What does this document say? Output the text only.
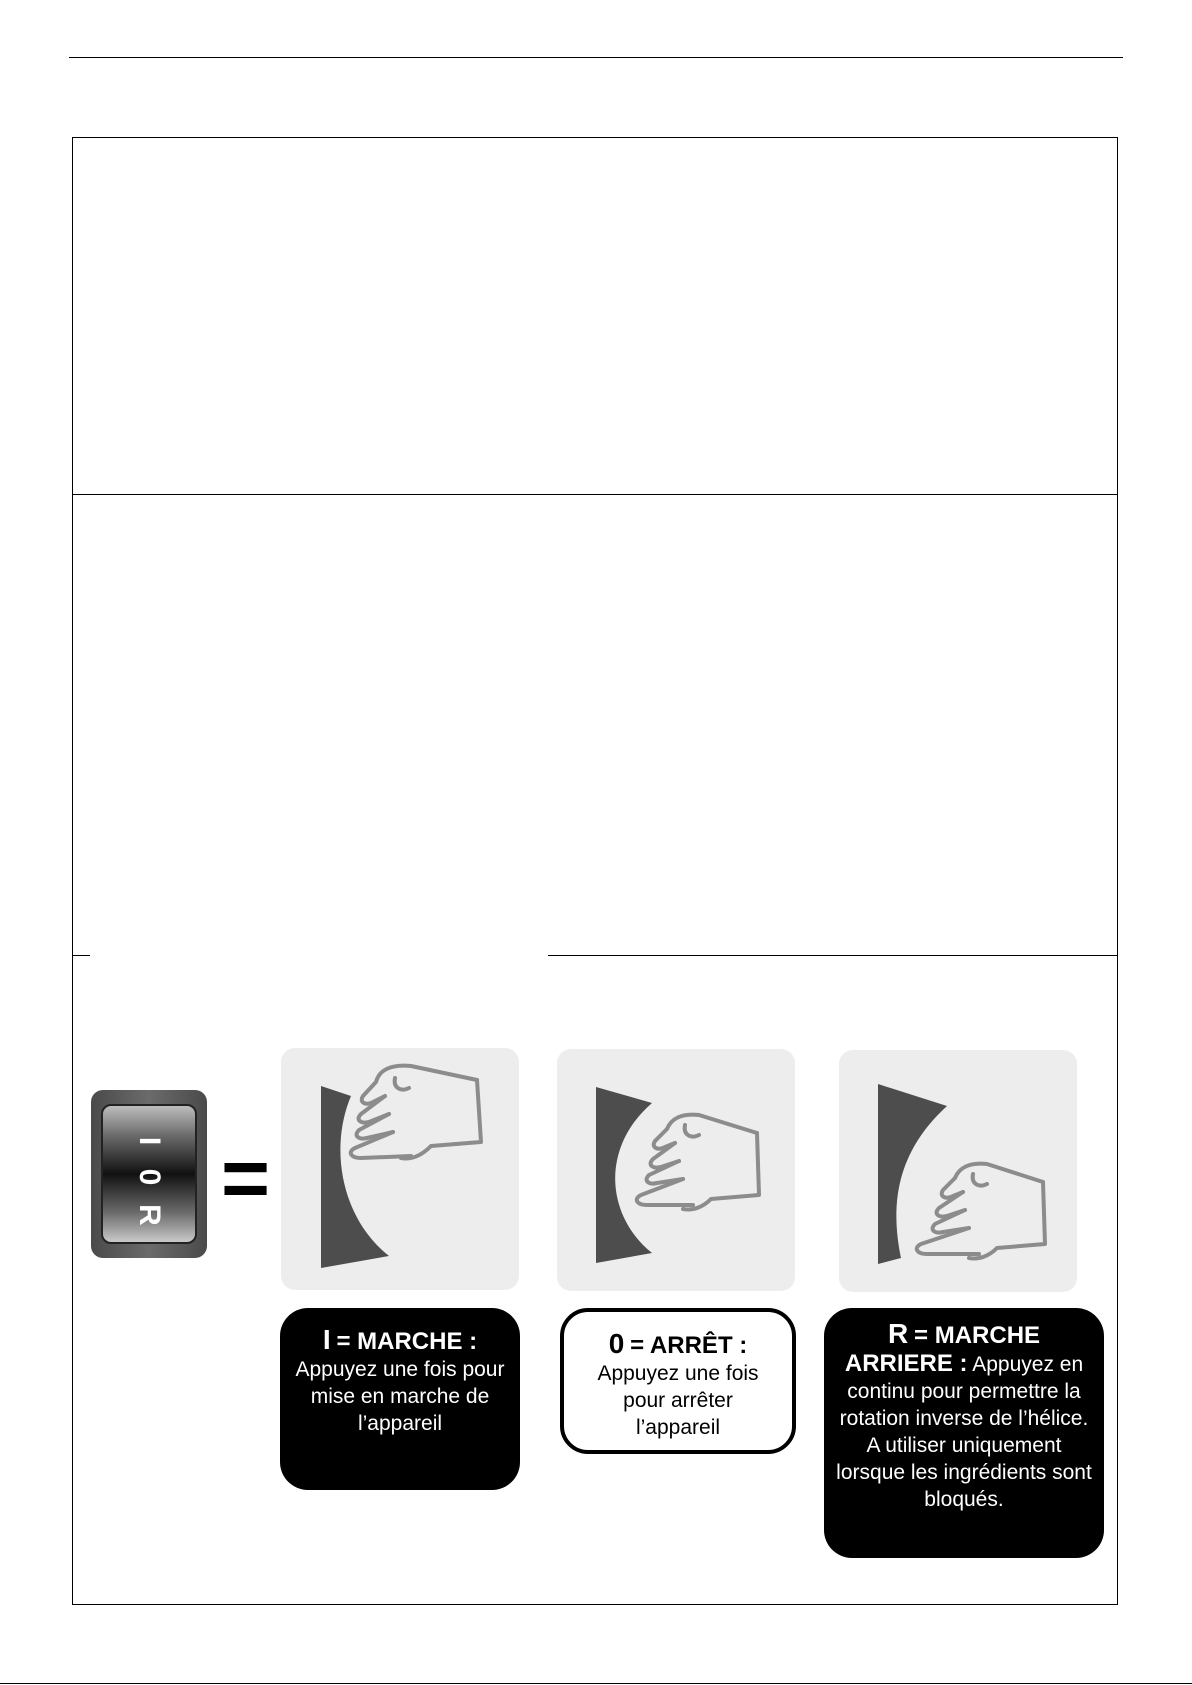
I
0
R =
I = MARCHE :
Appuyez une fois pour mise en marche de l’appareil
0 = ARRÊT :
Appuyez une fois pour arrêter l’appareil
R = MARCHE
ARRIERE : Appuyez en continu pour permettre la rotation inverse de l’hélice. A utiliser uniquement lorsque les ingrédients sont bloqués.
